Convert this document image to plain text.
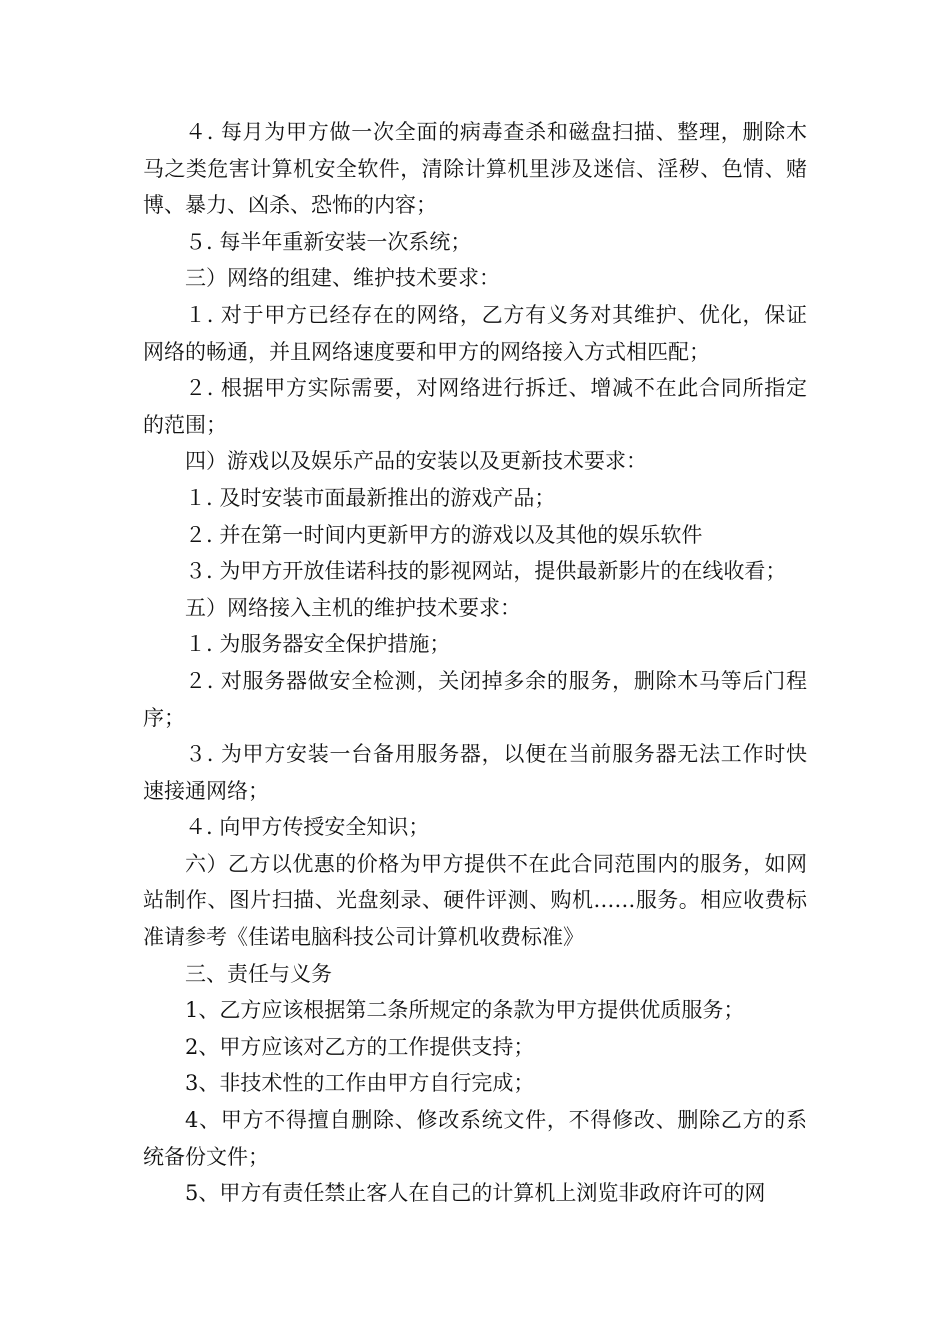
４. 每月为甲方做一次全面的病毒查杀和磁盘扫描、整理，删除木马之类危害计算机安全软件，清除计算机里涉及迷信、淫秽、色情、赌博、暴力、凶杀、恐怖的内容；

５. 每半年重新安装一次系统；

三）网络的组建、维护技术要求：

１. 对于甲方已经存在的网络，乙方有义务对其维护、优化，保证网络的畅通，并且网络速度要和甲方的网络接入方式相匹配；

２. 根据甲方实际需要，对网络进行拆迁、增减不在此合同所指定的范围；

四）游戏以及娱乐产品的安装以及更新技术要求：

１. 及时安装市面最新推出的游戏产品；

２. 并在第一时间内更新甲方的游戏以及其他的娱乐软件

３. 为甲方开放佳诺科技的影视网站，提供最新影片的在线收看；

五）网络接入主机的维护技术要求：

１. 为服务器安全保护措施；

２. 对服务器做安全检测，关闭掉多余的服务，删除木马等后门程序；

３. 为甲方安装一台备用服务器，以便在当前服务器无法工作时快速接通网络；

４. 向甲方传授安全知识；

六）乙方以优惠的价格为甲方提供不在此合同范围内的服务，如网站制作、图片扫描、光盘刻录、硬件评测、购机……服务。相应收费标准请参考《佳诺电脑科技公司计算机收费标准》

三、责任与义务

1、乙方应该根据第二条所规定的条款为甲方提供优质服务；

2、甲方应该对乙方的工作提供支持；

3、非技术性的工作由甲方自行完成；

4、甲方不得擅自删除、修改系统文件，不得修改、删除乙方的系统备份文件；

5、甲方有责任禁止客人在自己的计算机上浏览非政府许可的网
